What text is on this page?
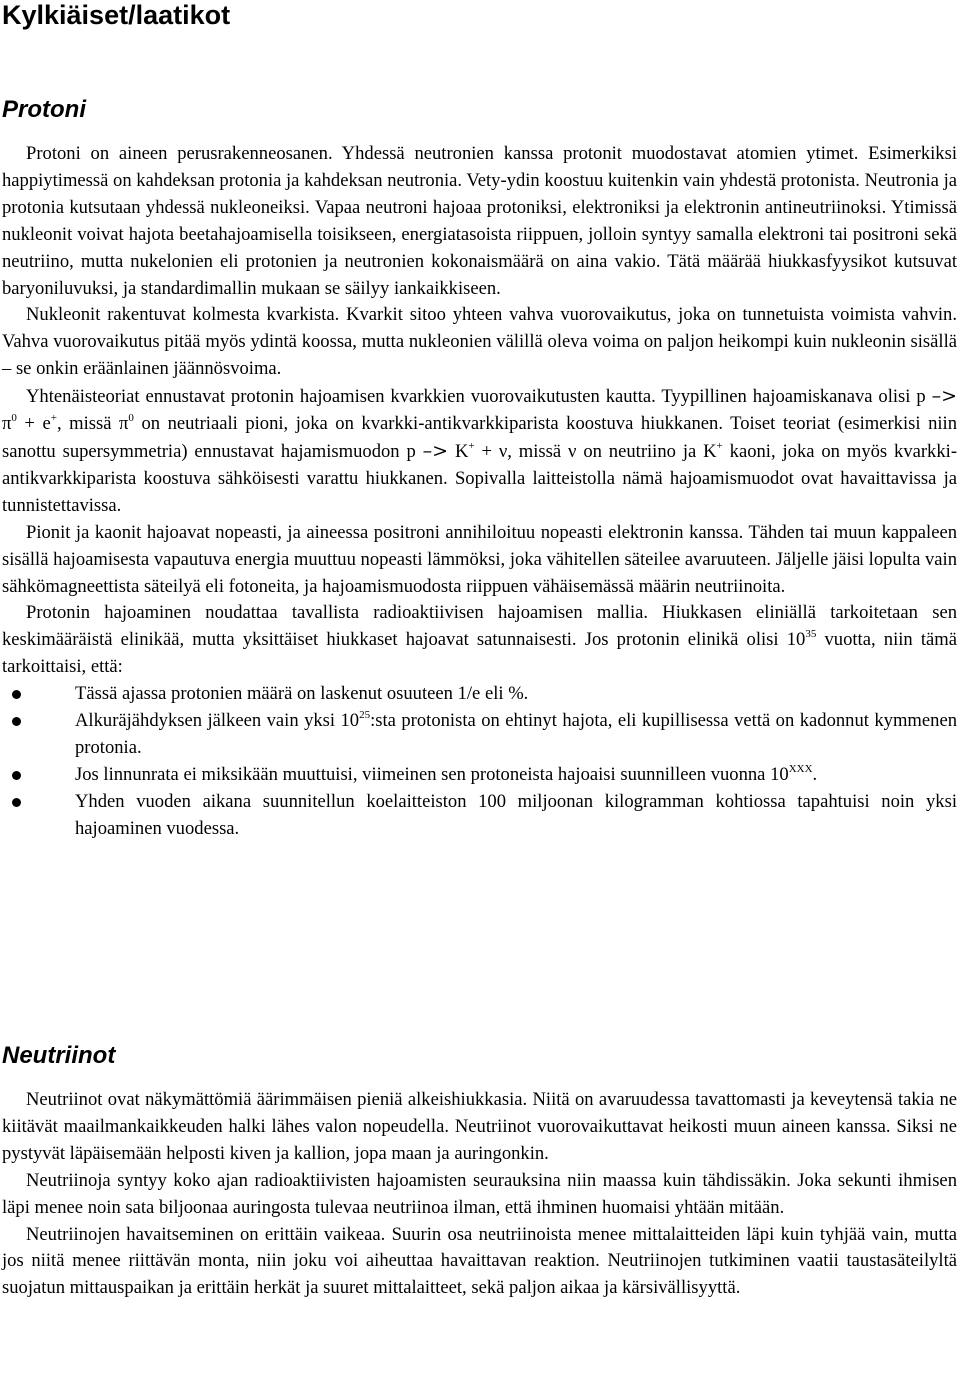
Kylkiäiset/laatikot
Protoni

Protoni on aineen perusrakenneosanen. Yhdessä neutronien kanssa protonit muodostavat atomien ytimet. Esimerkiksi happiytimessä on kahdeksan protonia ja kahdeksan neutronia. Vety-ydin koostuu kuitenkin vain yhdestä protonista. Neutronia ja protonia kutsutaan yhdessä nukleoneiksi. Vapaa neutroni hajoaa protoniksi, elektroniksi ja elektronin antineutriinoksi. Ytimissä nukleonit voivat hajota beetahajoamisella toisikseen, energiatasoista riippuen, jolloin syntyy samalla elektroni tai positroni sekä neutriino, mutta nukelonien eli protonien ja neutronien kokonaismäärä on aina vakio. Tätä määrää hiukkasfyysikot kutsuvat baryoniluvuksi, ja standardimallin mukaan se säilyy iankaikkiseen.

Nukleonit rakentuvat kolmesta kvarkista. Kvarkit sitoo yhteen vahva vuorovaikutus, joka on tunnetuista voimista vahvin. Vahva vuorovaikutus pitää myös ydintä koossa, mutta nukleonien välillä oleva voima on paljon heikompi kuin nukleonin sisällä – se onkin eräänlainen jäännösvoima.

Yhtenäisteoriat ennustavat protonin hajoamisen kvarkkien vuorovaikutusten kautta. Tyypillinen hajoamiskanava olisi $p -> \pi^0 + e^+$, missä $\pi^0$ on neutriaali pioni, joka on kvarkki-antikvarkkiparista koostuva hiukkanen. Toiset teoriat (esimerkisi niin sanottu supersymmetria) ennustavat hajamismuodon p –> K+ + ν, missä ν on neutriino ja K+ kaoni, joka on myös kvarkki-antikvarkkiparista koostuva sähköisesti varattu hiukkanen. Sopivalla laitteistolla nämä hajoamismuodot ovat havaittavissa ja tunnistettavissa.

Pionit ja kaonit hajoavat nopeasti, ja aineessa positroni annihiloituu nopeasti elektronin kanssa. Tähden tai muun kappaleen sisällä hajoamisesta vapautuva energia muuttuu nopeasti lämmöksi, joka vähitellen säteilee avaruuteen. Jäljelle jäisi lopulta vain sähkömagneettista säteilyä eli fotoneita, ja hajoamismuodosta riippuen vähäisemässä määrin neutriinoita.

Protonin hajoaminen noudattaa tavallista radioaktiivisen hajoamisen mallia. Hiukkasen eliniällä tarkoitetaan sen keskimääräistä elinikää, mutta yksittäiset hiukkaset hajoavat satunnaisesti. Jos protonin elinikä olisi $10^{35}$ vuotta, niin tämä tarkoittaisi, että:

Tässä ajassa protonien määrä on laskenut osuuteen 1/e eli %.
Alkuräjähdyksen jälkeen vain yksi $10^{25}:sta$ protonista on ehtinyt hajota, eli kupillisessa vettä on kadonnut kymmenen protonia.
Jos linnunrata ei miksikään muuttuisi, viimeinen sen protoneista hajoaisi suunnilleen vuonna $10^{XXX}$.
Yhden vuoden aikana suunnitellun koelaitteiston 100 miljoonan kilogramman kohtiossa tapahtuisi noin yksi hajoaminen vuodessa.
Neutriinot

Neutriinot ovat näkymättömiä äärimmäisen pieniä alkeishiukkasia. Niitä on avaruudessa tavattomasti ja keveytensä takia ne kiitävät maailmankaikkeuden halki lähes valon nopeudella. Neutriinot vuorovaikuttavat heikosti muun aineen kanssa. Siksi ne pystyvät läpäisemään helposti kiven ja kallion, jopa maan ja auringonkin.

Neutriinoja syntyy koko ajan radioaktiivisten hajoamisten seurauksina niin maassa kuin tähdissäkin. Joka sekunti ihmisen läpi menee noin sata biljoonaa auringosta tulevaa neutriinoa ilman, että ihminen huomaisi yhtään mitään.

Neutriinojen havaitseminen on erittäin vaikeaa. Suurin osa neutriinoista menee mittalaitteiden läpi kuin tyhjää vain, mutta jos niitä menee riittävän monta, niin joku voi aiheuttaa havaittavan reaktion. Neutriinojen tutkiminen vaatii taustasäteilyltä suojatun mittauspaikan ja erittäin herkät ja suuret mittalaitteet, sekä paljon aikaa ja kärsivällisyyttä.
